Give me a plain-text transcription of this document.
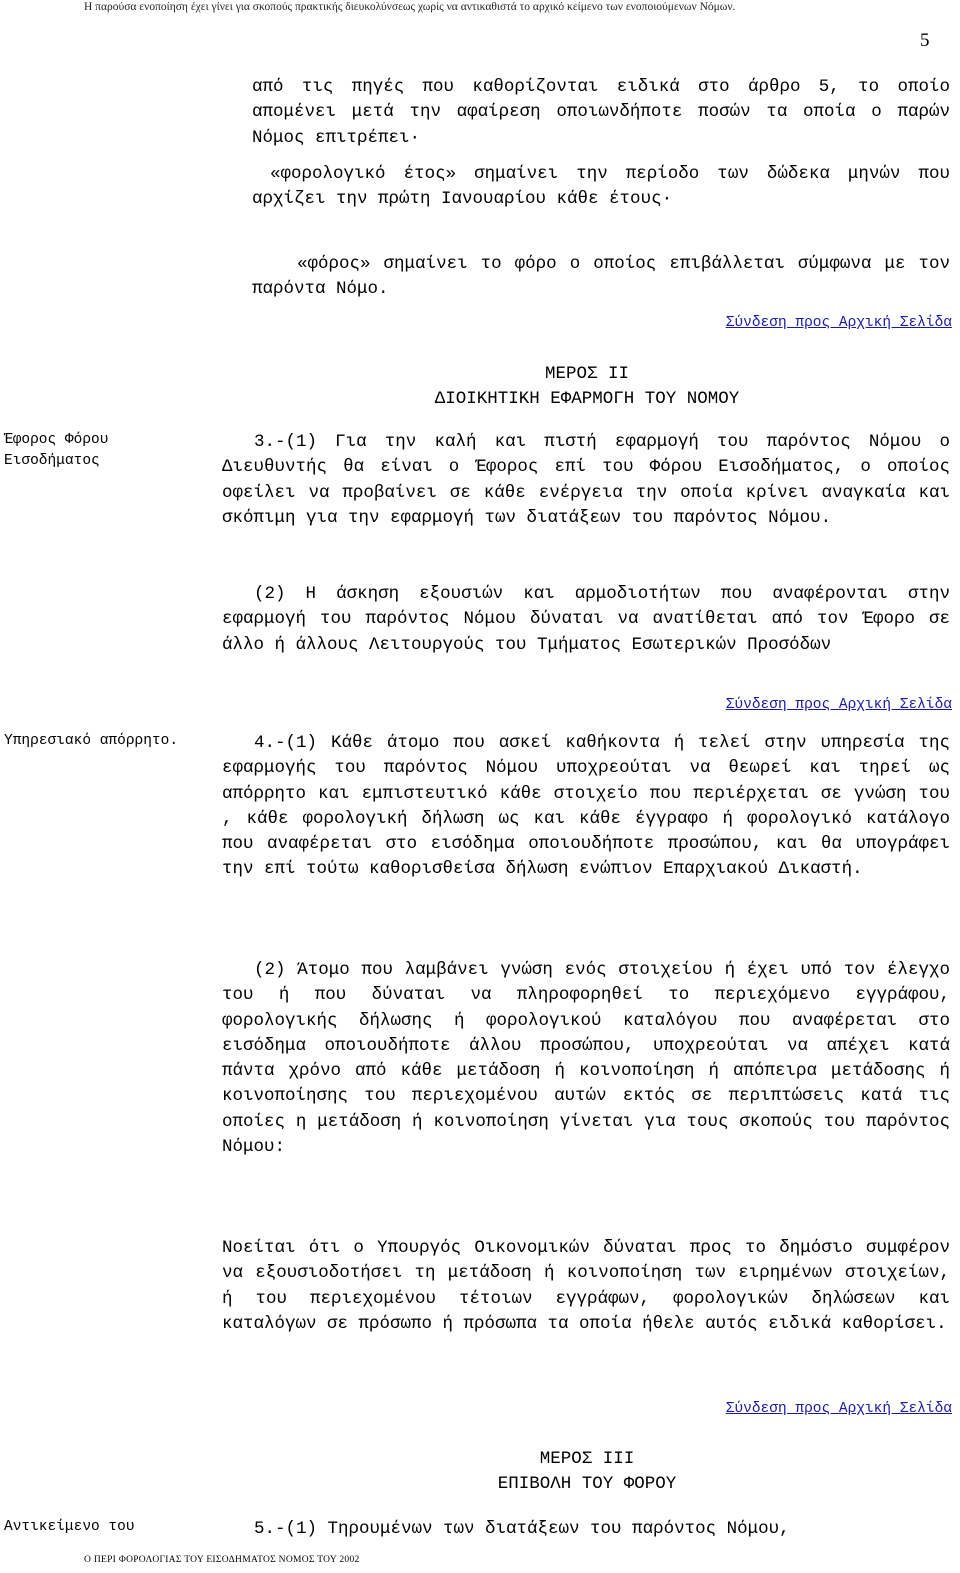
Η παρούσα ενοποίηση έχει γίνει για σκοπούς πρακτικής διευκολύνσεως χωρίς να αντικαθιστά το αρχικό κείμενο των ενοποιούμενων Νόμων.
5
από τις πηγές που καθορίζονται ειδικά στο άρθρο 5, το οποίο απομένει μετά την αφαίρεση οποιωνδήποτε ποσών τα οποία ο παρών Νόμος επιτρέπει·
«φορολογικό έτος» σημαίνει την περίοδο των δώδεκα μηνών που αρχίζει την πρώτη Ιανουαρίου κάθε έτους·
«φόρος» σημαίνει το φόρο ο οποίος επιβάλλεται σύμφωνα με τον παρόντα Νόμο.
Σύνδεση προς Αρχική Σελίδα
ΜΕΡΟΣ ΙΙ
ΔΙΟΙΚΗΤΙΚΗ ΕΦΑΡΜΟΓΗ ΤΟΥ ΝΟΜΟΥ
Έφορος Φόρου Εισοδήματος
3.-(1) Για την καλή και πιστή εφαρμογή του παρόντος Νόμου ο Διευθυντής θα είναι ο Έφορος επί του Φόρου Εισοδήματος, ο οποίος οφείλει να προβαίνει σε κάθε ενέργεια την οποία κρίνει αναγκαία και σκόπιμη για την εφαρμογή των διατάξεων του παρόντος Νόμου.
(2) Η άσκηση εξουσιών και αρμοδιοτήτων που αναφέρονται στην εφαρμογή του παρόντος Νόμου δύναται να ανατίθεται από τον Έφορο σε άλλο ή άλλους Λειτουργούς του Τμήματος Εσωτερικών Προσόδων
Σύνδεση προς Αρχική Σελίδα
Υπηρεσιακό απόρρητο.	4.-(1) Κάθε άτομο που ασκεί καθήκοντα ή τελεί στην υπηρεσία της εφαρμογής του παρόντος Νόμου υποχρεούται να θεωρεί και τηρεί ως απόρρητο και εμπιστευτικό κάθε στοιχείο που περιέρχεται σε γνώση του , κάθε φορολογική δήλωση ως και κάθε έγγραφο ή φορολογικό κατάλογο που αναφέρεται στο εισόδημα οποιουδήποτε προσώπου, και θα υπογράφει την επί τούτω καθορισθείσα δήλωση ενώπιον Επαρχιακού Δικαστή.
(2) Άτομο που λαμβάνει γνώση ενός στοιχείου ή έχει υπό τον έλεγχο του ή που δύναται να πληροφορηθεί το περιεχόμενο εγγράφου, φορολογικής δήλωσης ή φορολογικού καταλόγου που αναφέρεται στο εισόδημα οποιουδήποτε άλλου προσώπου, υποχρεούται να απέχει κατά πάντα χρόνο από κάθε μετάδοση ή κοινοποίηση ή απόπειρα μετάδοσης ή κοινοποίησης του περιεχομένου αυτών εκτός σε περιπτώσεις κατά τις οποίες η μετάδοση ή κοινοποίηση γίνεται για τους σκοπούς του παρόντος Νόμου:
Νοείται ότι ο Υπουργός Οικονομικών δύναται προς το δημόσιο συμφέρον να εξουσιοδοτήσει τη μετάδοση ή κοινοποίηση των ειρημένων στοιχείων, ή του περιεχομένου τέτοιων εγγράφων, φορολογικών δηλώσεων και καταλόγων σε πρόσωπο ή πρόσωπα τα οποία ήθελε αυτός ειδικά καθορίσει.
Σύνδεση προς Αρχική Σελίδα
ΜΕΡΟΣ ΙΙΙ
ΕΠΙΒΟΛΗ ΤΟΥ ΦΟΡΟΥ
Αντικείμενο του	5.-(1) Τηρουμένων των διατάξεων του παρόντος Νόμου,
Ο ΠΕΡΙ ΦΟΡΟΛΟΓΙΑΣ ΤΟΥ ΕΙΣΟΔΗΜΑΤΟΣ ΝΟΜΟΣ ΤΟΥ 2002
